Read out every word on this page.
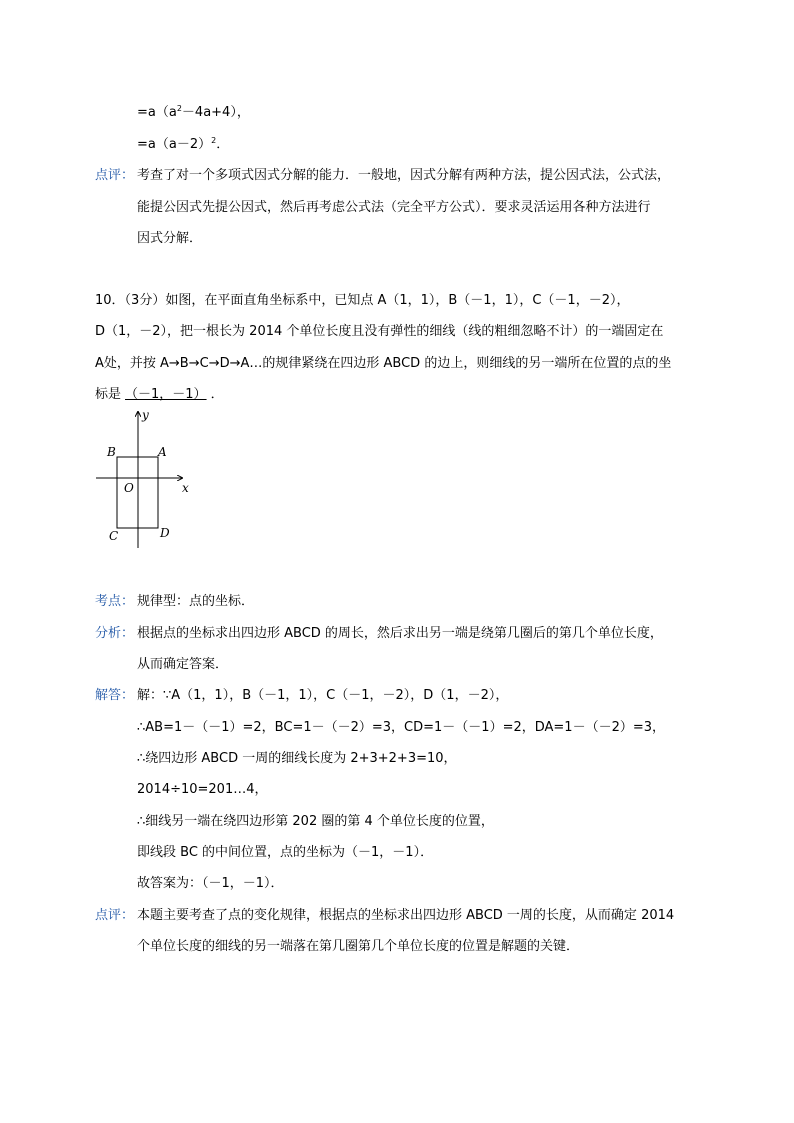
$=a(a^2-4a+4)$，
$=a(a-2)^2$．
点评： 考查了对一个多项式因式分解的能力．一般地，因式分解有两种方法，提公因式法，公式法，
能提公因式先提公因式，然后再考虑公式法（完全平方公式）．要求灵活运用各种方法进行
因式分解．
10．（3分）如图，在平面直角坐标系中，已知点 A（1，1），B（－1，1），C（－1，－2），
D（1，－2），把一根长为 2014 个单位长度且没有弹性的细线（线的粗细忽略不计）的一端固定在
A处，并按 A→B→C→D→A…的规律紧绕在四边形 ABCD 的边上，则细线的另一端所在位置的点的坐
标是 （－1，－1） ．
y
x
O
A
B
C	D
考点： 规律型：点的坐标．
分析： 根据点的坐标求出四边形 ABCD 的周长，然后求出另一端是绕第几圈后的第几个单位长度，
从而确定答案．
解答： 解：∵A（1，1），B（－1，1），C（－1，－2），D（1，－2），
∴AB=1－（－1）=2，BC=1－（－2）=3，CD=1－（－1）=2，DA=1－（－2）=3，
∴绕四边形 ABCD 一周的细线长度为 2+3+2+3=10，
2014÷10=201…4，
∴细线另一端在绕四边形第 202 圈的第 4 个单位长度的位置，
即线段 BC 的中间位置，点的坐标为（－1，－1）．
故答案为：（－1，－1）．
点评： 本题主要考查了点的变化规律，根据点的坐标求出四边形 ABCD 一周的长度，从而确定 2014
个单位长度的细线的另一端落在第几圈第几个单位长度的位置是解题的关键．
